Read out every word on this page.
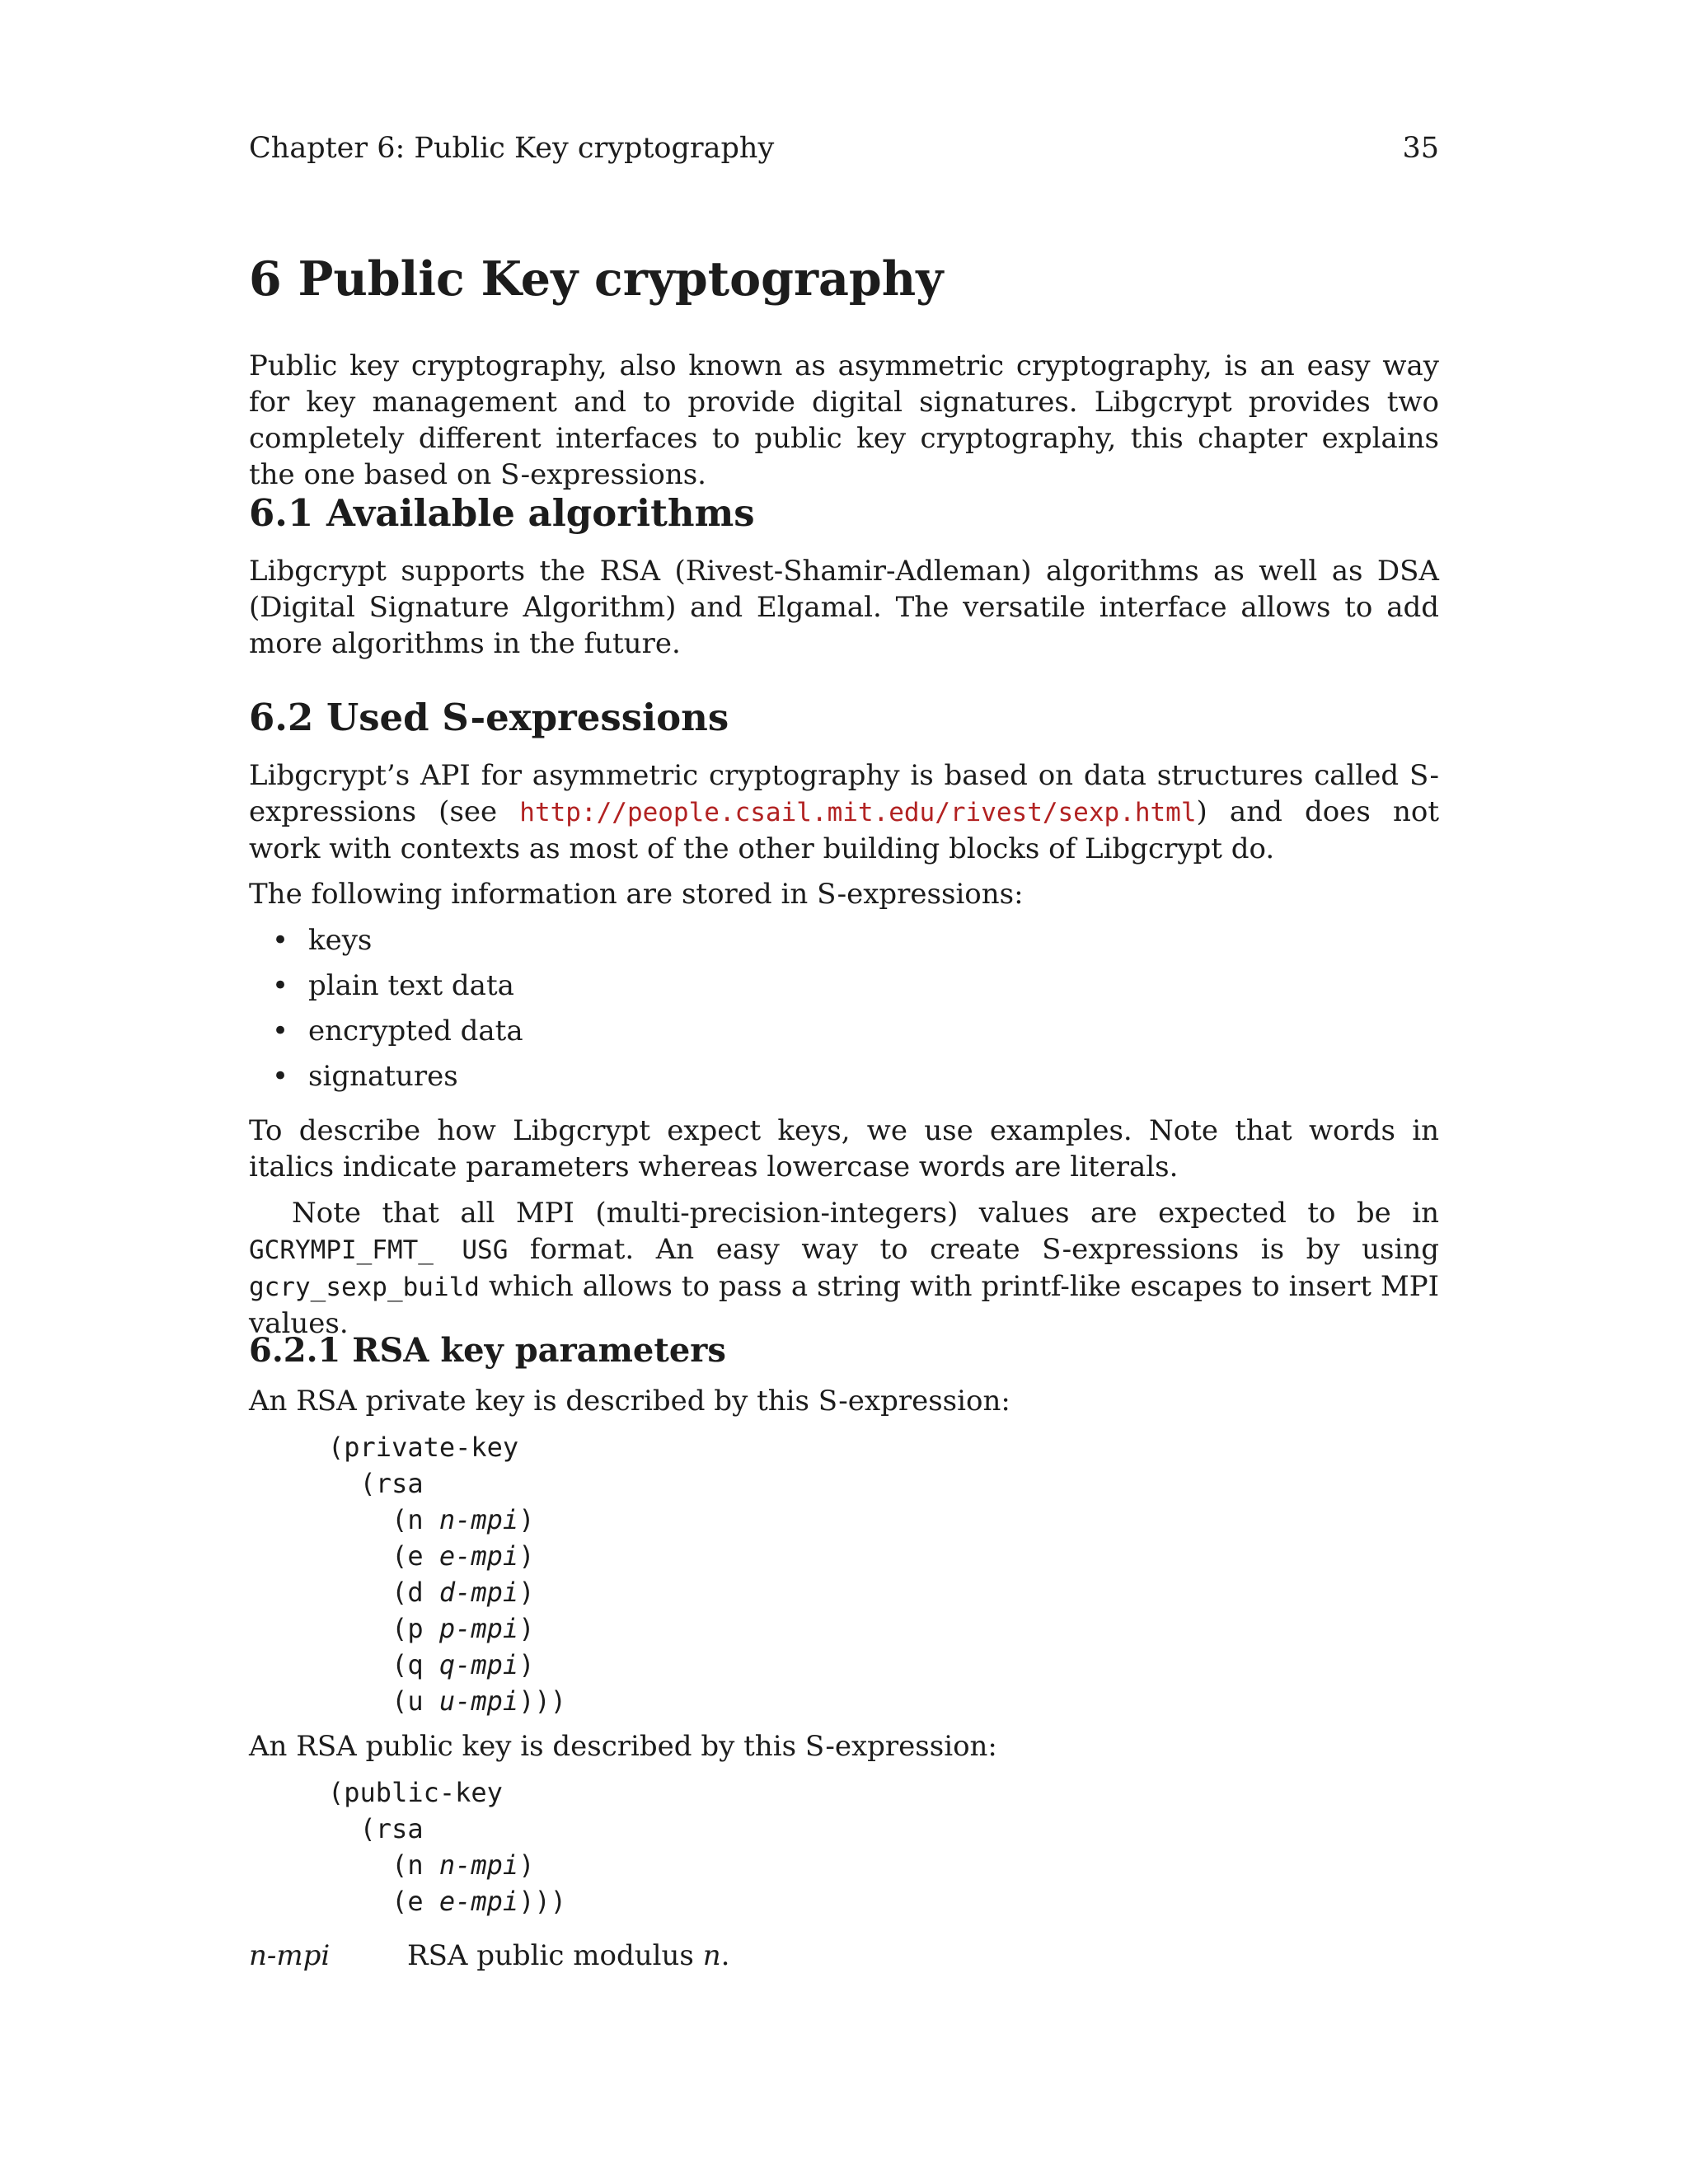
Chapter 6: Public Key cryptography	35
6 Public Key cryptography

Public key cryptography, also known as asymmetric cryptography, is an easy way for key management and to provide digital signatures. Libgcrypt provides two completely different interfaces to public key cryptography, this chapter explains the one based on S-expressions.

6.1 Available algorithms

Libgcrypt supports the RSA (Rivest-Shamir-Adleman) algorithms as well as DSA (Digital Signature Algorithm) and Elgamal. The versatile interface allows to add more algorithms in the future.

6.2 Used S-expressions

Libgcrypt’s API for asymmetric cryptography is based on data structures called S-expressions (see http://people.csail.mit.edu/rivest/sexp.html) and does not work with contexts as most of the other building blocks of Libgcrypt do.

The following information are stored in S-expressions:

• keys
• plain text data
• encrypted data
• signatures

To describe how Libgcrypt expect keys, we use examples. Note that words in italics indicate parameters whereas lowercase words are literals.

Note that all MPI (multi-precision-integers) values are expected to be in GCRYMPI_FMT_ USG format. An easy way to create S-expressions is by using gcry_sexp_build which allows to pass a string with printf-like escapes to insert MPI values.

6.2.1 RSA key parameters

An RSA private key is described by this S-expression:

(private-key
(rsa
(n n-mpi)
(e e-mpi)
(d d-mpi)
(p p-mpi)
(q q-mpi)
(u u-mpi)))

An RSA public key is described by this S-expression:

(public-key
(rsa
(n n-mpi)
(e e-mpi)))
n-mpi	RSA public modulus n.
